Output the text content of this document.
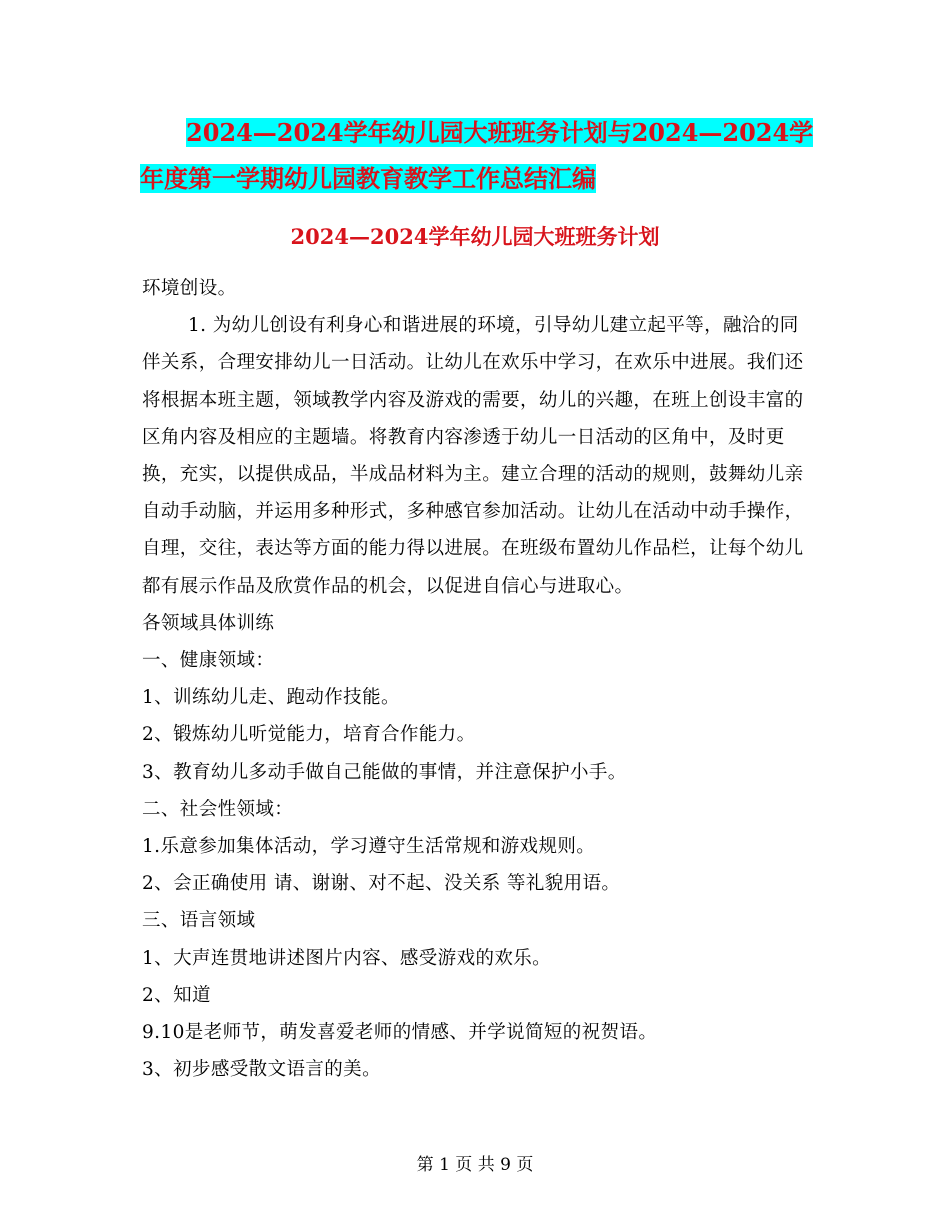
2024—2024学年幼儿园大班班务计划与2024—2024学
年度第一学期幼儿园教育教学工作总结汇编
2024—2024学年幼儿园大班班务计划

环境创设。

1. 为幼儿创设有利身心和谐进展的环境，引导幼儿建立起平等，融洽的同伴关系，合理安排幼儿一日活动。让幼儿在欢乐中学习，在欢乐中进展。我们还将根据本班主题，领域教学内容及游戏的需要，幼儿的兴趣，在班上创设丰富的区角内容及相应的主题墙。将教育内容渗透于幼儿一日活动的区角中，及时更换，充实，以提供成品，半成品材料为主。建立合理的活动的规则，鼓舞幼儿亲自动手动脑，并运用多种形式，多种感官参加活动。让幼儿在活动中动手操作，自理，交往，表达等方面的能力得以进展。在班级布置幼儿作品栏，让每个幼儿都有展示作品及欣赏作品的机会，以促进自信心与进取心。

各领域具体训练

一、健康领域：

1、训练幼儿走、跑动作技能。

2、锻炼幼儿听觉能力，培育合作能力。

3、教育幼儿多动手做自己能做的事情，并注意保护小手。

二、社会性领域：

1.乐意参加集体活动，学习遵守生活常规和游戏规则。

2、会正确使用 请、谢谢、对不起、没关系 等礼貌用语。

三、语言领域

1、大声连贯地讲述图片内容、感受游戏的欢乐。

2、知道

9.10是老师节，萌发喜爱老师的情感、并学说简短的祝贺语。

3、初步感受散文语言的美。

第 1 页 共 9 页
